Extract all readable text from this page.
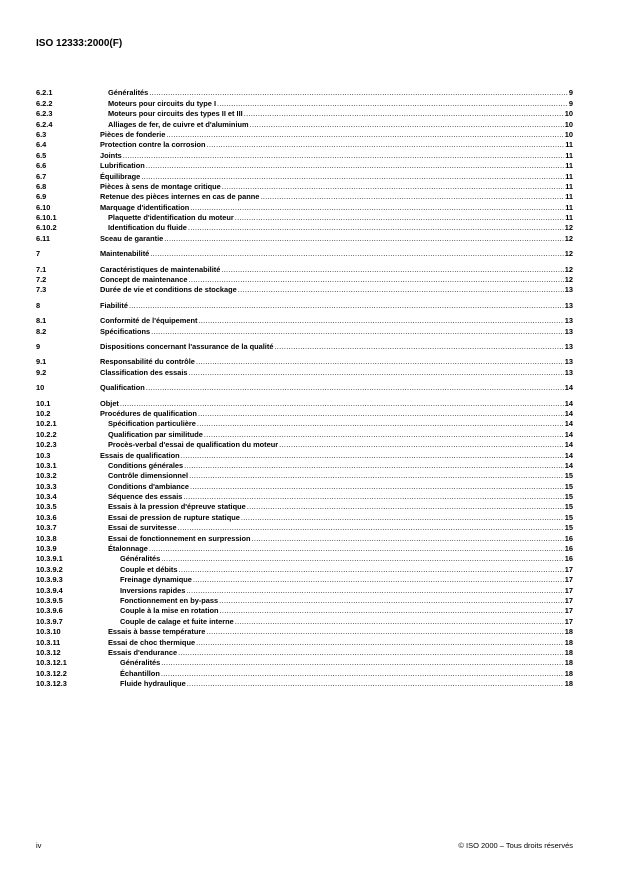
ISO 12333:2000(F)
6.2.1	Généralités .....	9
6.2.2	Moteurs pour circuits du type I .....	9
6.2.3	Moteurs pour circuits des types II et III .....	10
6.2.4	Alliages de fer, de cuivre et d'aluminium .....	10
6.3	Pièces de fonderie .....	10
6.4	Protection contre la corrosion .....	11
6.5	Joints .....	11
6.6	Lubrification .....	11
6.7	Équilibrage .....	11
6.8	Pièces à sens de montage critique .....	11
6.9	Retenue des pièces internes en cas de panne .....	11
6.10	Marquage d'identification .....	11
6.10.1	Plaquette d'identification du moteur .....	11
6.10.2	Identification du fluide .....	12
6.11	Sceau de garantie .....	12
7	Maintenabilité .....	12
7.1	Caractéristiques de maintenabilité .....	12
7.2	Concept de maintenance .....	12
7.3	Durée de vie et conditions de stockage .....	13
8	Fiabilité .....	13
8.1	Conformité de l'équipement .....	13
8.2	Spécifications .....	13
9	Dispositions concernant l'assurance de la qualité .....	13
9.1	Responsabilité du contrôle .....	13
9.2	Classification des essais .....	13
10	Qualification .....	14
10.1	Objet .....	14
10.2	Procédures de qualification .....	14
10.2.1	Spécification particulière .....	14
10.2.2	Qualification par similitude .....	14
10.2.3	Procès-verbal d'essai de qualification du moteur .....	14
10.3	Essais de qualification .....	14
10.3.1	Conditions générales .....	14
10.3.2	Contrôle dimensionnel .....	15
10.3.3	Conditions d'ambiance .....	15
10.3.4	Séquence des essais .....	15
10.3.5	Essais à la pression d'épreuve statique .....	15
10.3.6	Essai de pression de rupture statique .....	15
10.3.7	Essai de survitesse .....	15
10.3.8	Essai de fonctionnement en surpression .....	16
10.3.9	Étalonnage .....	16
10.3.9.1	Généralités .....	16
10.3.9.2	Couple et débits .....	17
10.3.9.3	Freinage dynamique .....	17
10.3.9.4	Inversions rapides .....	17
10.3.9.5	Fonctionnement en by-pass .....	17
10.3.9.6	Couple à la mise en rotation .....	17
10.3.9.7	Couple de calage et fuite interne .....	17
10.3.10	Essais à basse température .....	18
10.3.11	Essai de choc thermique .....	18
10.3.12	Essais d'endurance .....	18
10.3.12.1	Généralités .....	18
10.3.12.2	Échantillon .....	18
10.3.12.3	Fluide hydraulique .....	18
iv	© ISO 2000 – Tous droits réservés
